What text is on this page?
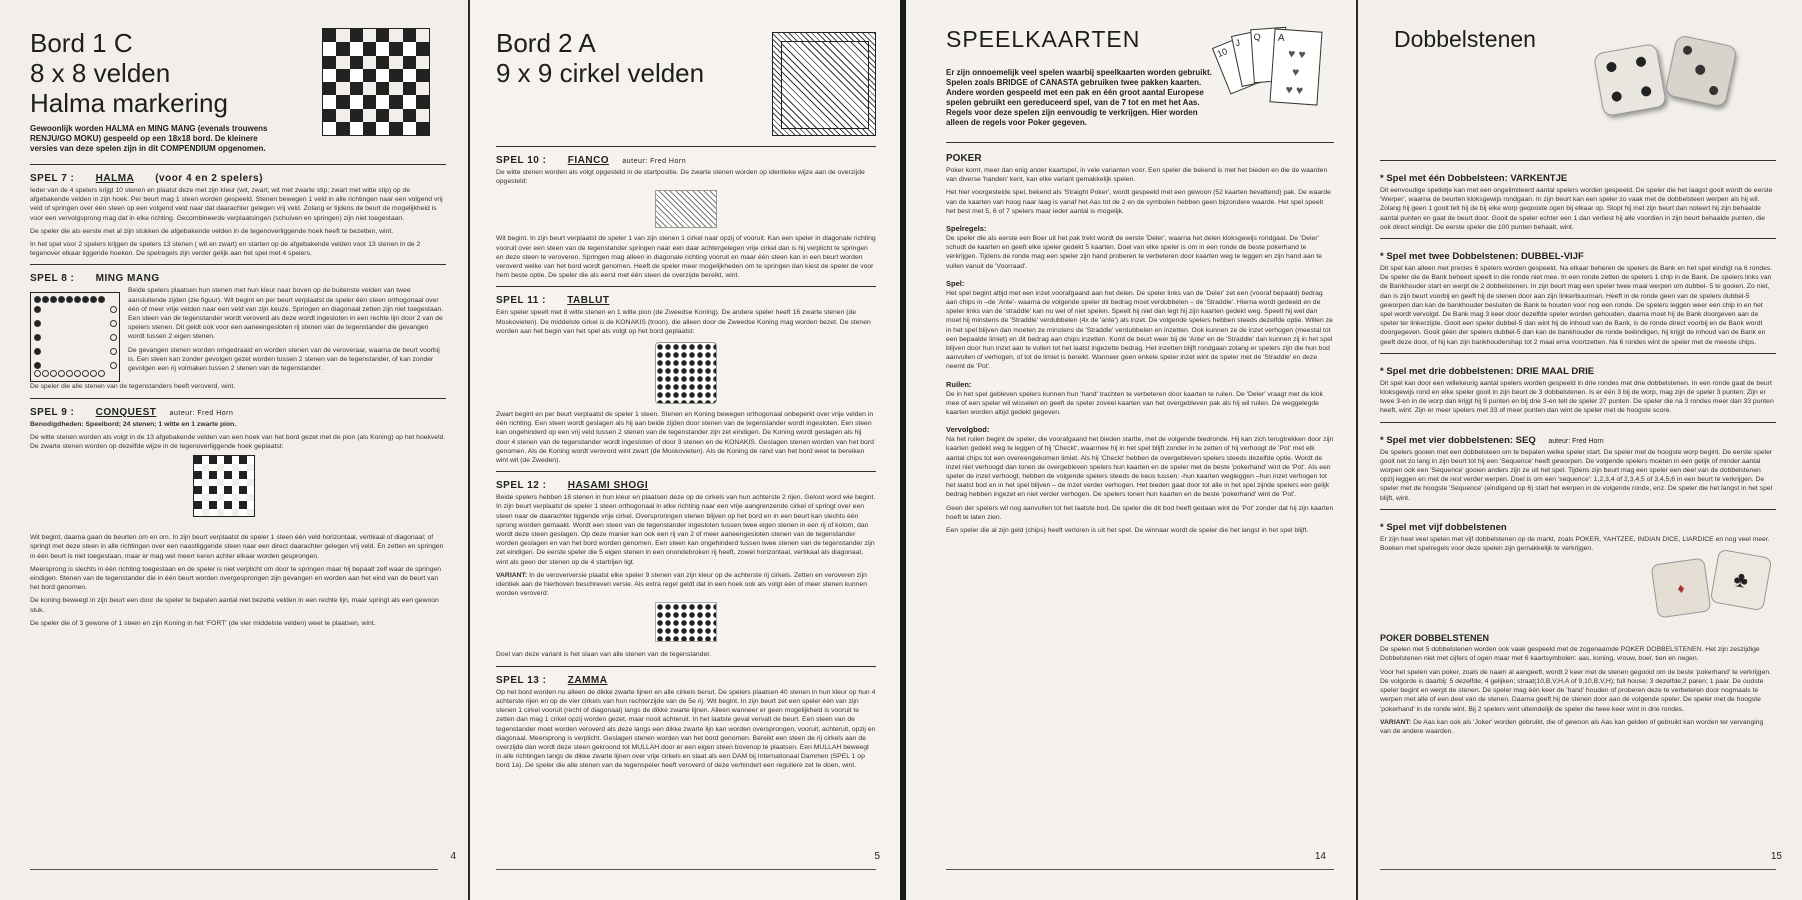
Bord 1 C
8 x 8 velden
Halma markering
Gewoonlijk worden HALMA en MING MANG (evenals trouwens RENJU/GO MOKU) gespeeld op een 18x18 bord. De kleinere versies van deze spelen zijn in dit COMPENDIUM opgenomen.
SPEL 7 : HALMA (voor 4 en 2 spelers)

Ieder van de 4 spelers krijgt 10 stenen en plaatst deze met zijn kleur (wit, zwart; wit met zwarte stip; zwart met witte stip) op de afgebakende velden in zijn hoek. Per beurt mag 1 steen worden gespeeld. Stenen bewegen 1 veld in alle richtingen naar een volgend vrij veld of springen over één steen op een volgend veld naar dat daarachter gelegen vrij veld. Zolang er tijdens de beurt de mogelijkheid is voor een vervolgsprong mag dat in elke richting. Gecombineerde verplaatsingen (schuiven en springen) zijn niet toegestaan.

De speler die als eerste met al zijn stukken de afgebakende velden in de tegenoverliggende hoek heeft te bezetten, wint.

In het spel voor 2 spelers krijgen de spelers 13 stenen ( wit en zwart) en starten op de afgebakende velden voor 13 stenen in de 2 tegenover elkaar liggende hoeken. De spelregels zijn verder gelijk aan het spel met 4 spelers.

SPEL 8 : MING MANG

Beide spelers plaatsen hun stenen met hun kleur naar boven op de buitenste velden van twee aansluitende zijden (zie figuur). Wit begint en per beurt verplaatst de speler één steen orthogonaal over één of meer vrije velden naar een veld van zijn keuze. Springen en diagonaal zetten zijn niet toegestaan. Een steen van de tegenstander wordt veroverd als deze wordt ingesloten in een rechte lijn door 2 van de spelers stenen. Dit geldt ook voor een aaneengesloten rij stenen van de tegenstander die gevangen wordt tussen 2 eigen stenen.

De gevangen stenen worden omgedraaid en worden stenen van de veroveraar, waarna de beurt voorbij is. Een steen kan zonder gevolgen gezet worden tussen 2 stenen van de tegenstander, of kan zonder gevolgen een rij volmaken tussen 2 stenen van de tegenstander.

De speler die alle stenen van de tegenstanders heeft veroverd, wint.
SPEL 9 : CONQUEST auteur: Fred Horn

Benodigdheden: Speelbord; 24 stenen; 1 witte en 1 zwarte pion.

De witte stenen worden als volgt in de 13 afgebakende velden van een hoek van het bord gezet met de pion (als Koning) op het hoekveld. De zwarte stenen worden op dezelfde wijze in de tegenoverliggende hoek geplaatst:

Wit begint, daarna gaan de beurten om en om. In zijn beurt verplaatst de speler 1 steen één veld horizontaal, vertikaal of diagonaal; of springt met deze steen in alle richtingen over een naastliggende steen naar een direct daarachter gelegen vrij veld. En zetten en springen in één beurt is niet toegestaan, maar er mag wel meerr keren achter elkaar worden gesprongen.

Meersprong is slechts in één richting toegestaan en de speler is niet verplicht om door te springen maar hij bepaalt zelf waar de springen eindigen. Stenen van de tegenstander die in één beurt worden overgesprongen zijn gevangen en worden aan het eind van de beurt van het bord genomen.

De koning beweegt in zijn beurt een door de speler te bepalen aantal niet bezette velden in een rechte lijn, maar springt als een gewoon stuk.

De speler die of 3 gewone of 1 steen en zijn Koning in het 'FORT' (de vier middelste velden) weet te plaatsen, wint.

4
Bord 2 A
9 x 9 cirkel velden
SPEL 10 : FIANCO auteur: Fred Horn
De witte stenen worden als volgt opgesteld in de startpositie. De zwarte stenen worden op identieke wijze aan de overzijde opgesteld:
Wit begint. In zijn beurt verplaatst de speler 1 van zijn stenen 1 cirkel naar opzij of vooruit. Kan een speler in diagonale richting vooruit over een steen van de tegenstander springen naar een daar achtergelegen vrije cirkel dan is hij verplicht te springen en deze steen te veroveren. Springen mag alleen in diagonale richting vooruit en maar één steen kan in een beurt worden veroverd welke van het bord wordt genomen. Heeft de speler meer mogelijkheden om te springen dan kiest de speler de voor hem beste optie. De speler die als eerst met één steen de overzijde bereikt, wint.
SPEL 11 : TABLUT
Eén speler speelt met 8 witte stenen en 1 witte pion (de Zweedse Koning). De andere speler heeft 16 zwarte stenen (de Moskovieten). De middelste cirkel is de KONAKIS (troon), die alleen door de Zweedse Koning mag worden bezet. De stenen worden aan het begin van het spel als volgt op het bord geplaatst:
Zwart begint en per beurt verplaatst de speler 1 steen. Stenen en Koning bewegen orthogonaal onbeperkt over vrije velden in één richting. Een steen wordt geslagen als hij aan beide zijden door stenen van de tegenstander wordt ingesloten. Een steen kan ongehinderd op een vrij veld tussen 2 stenen van de tegenstander zijn zet eindigen. De Koning wordt geslagen als hij door 4 stenen van de tegenstander wordt ingesloten of door 3 stenen en de KONAKIS. Geslagen stenen worden van het bord genomen. Als de Koning wordt verovord wint zwart (de Moskovieten). Als de Koning de rand van het bord weet te bereiken wint wit (de Zweden).
SPEL 12 : HASAMI SHOGI

Beide spelers hebben 18 stenen in hun kleur en plaatsen deze op de cirkels van hun achterste 2 rijen. Geloot word wie begint. In zijn beurt verplaatst de speler 1 steen orthogonaal in elke richting naar een vrije aangrenzende cirkel of springt over een steen naar de daarachter liggende vrije cirkel. Overspronngen stenen blijven op het bord en in een beurt kan slechts één sprong worden gemaakt. Wordt een steen van de tegenstander ingesloten tussen twee eigen stenen in een rij of kolom, dan wordt deze steen geslagen. Op deze manier kan ook een rij van 2 of meer aaneengesloten stenen van de tegenstander worden geslagen en van het bord worden genomen. Een steen kan ongehinderd tussen twee stenen van de tegenstander zijn zet eindigen. De eerste speler die 5 eigen stenen in een onondebroken rij heeft, zowel horizontaal, vertikaal als diagonaal, wint als geen der stenen op de 4 startrijen ligt.

VARIANT: In de veroverversie plaatst elke speler 9 stenen van zijn kleur op de achterste rij cirkels. Zetten en veroveren zijn identiek aan de hierboven beschreven versie. Als extra regel geldt dat in een hoek ook als volgt één of meer stenen kunnen worden veroverd:

Doel van deze variant is het slaan van alle stenen van de tegenstander.
SPEL 13 : ZAMMA
Op het bord worden nu alleen de dikke zwarte lijnen en alle cirkels benut. De spelers plaatsen 40 stenen in hun kleur op hun 4 achterste rijen en op de vier cirkels van hun rechterzijde van de 5e rij. Wit begint. In zijn beurt zet een speler één van zijn stenen 1 cirkel vooruit (recht of diagonaal) langs de dikke zwarte lijnen. Alleen wanneer er geen mogelijkheid is vooruit te zetten dan mag 1 cirkel opzij worden gezet, maar nooit achteruit. In het laatste geval vervalt de beurt. Een steen van de tegenstander moet worden veroverd als deze langs een dikke zwarte lijn kan worden oversprongen, vooruit, achteruit, opzij en diagonaal. Meersprong is verplicht. Geslagen stenen worden van het bord genomen. Bereikt een steen de rij cirkels aan de overzijde dan wordt deze steen gekroond tot MULLAH door er een eigen steen bovenop te plaatsen. Een MULLAH beweegt in alle richtingen langs de dikke zwarte lijnen over vrije cirkels en slaat als een DAM bij Internationaal Dammen (SPEL 1 op bord 1a). De speler die alle stenen van de tegenspeler heeft veroverd of deze verhindert een reguliere zet te doen, wint.
5
SPEELKAARTEN
Er zijn onnoemelijk veel spelen waarbij speelkaarten worden gebruikt. Spelen zoals BRIDGE of CANASTA gebruiken twee pakken kaarten. Andere worden gespeeld met een pak en één groot aantal Europese spelen gebruikt een gereduceerd spel, van de 7 tot en met het Aas. Regels voor deze spelen zijn eenvoudig te verkrijgen. Hier worden alleen de regels voor Poker gegeven.
10
J
Q	A
♥ ♥
♥
♥ ♥
POKER

Poker komt, meer dan enig ander kaartspel, in vele varianten voor. Een speler die bekend is met het bieden en die de waarden van diverse 'handen' kent, kan elke variant gemakkelijk spelen.

Het hier voorgestelde spel, bekend als 'Straight Poker', wordt gespeeld met een gewoon (52 kaarten bevattend) pak. De waarde van de kaarten van hoog naar laag is vanaf het Aas tot de 2 en de symbolen hebben geen bijzondere waarde. Het spel speelt het best met 5, 6 of 7 spelers maar ieder aantal is mogelijk.

Spelregels:
De speler die als eerste een Boer uit het pak trekt wordt de eerste 'Deler', waarna het delen kloksgewijs rondgaat. De 'Deler' schudt de kaarten en geeft elke speler gedekt 5 kaarten. Doel van elke speler is om in een ronde de beste pokerhand te verkrijgen. Tijdens de ronde mag een speler zijn hand proberen te verbeteren door kaarten weg te leggen en zijn hand aan te vullen vanuit de 'Voorraad'.
Spel:
Het spel begint altijd met een inzet voorafgaand aan het delen. De speler links van de 'Deler' zet een (vooraf bepaald) bedrag aan chips in –de 'Ante'- waarna de volgende speler dit bedrag moet verdubbelen – de 'Straddle'. Hierna wordt gedeeld en de speler links van de 'straddle' kan nu wel of niet spelen. Speelt hij niet dan legt hij zijn kaarten gedekt weg. Speelt hij wel dan moet hij minstens de 'Straddle' verdubbelen (4x de 'ante') als inzet. De volgende spelers hebben steeds dezelfde optie. Willen ze in het spel blijven dan moeten ze minstens de 'Straddle' verdubbelen en inzetten. Ook kunnen ze de inzet verhogen (meestal tot een bepaalde limiet) en dit bedrag aan chips inzetten. Komt de beurt weer bij de 'Ante' en de 'Straddle' dan kunnen zij in het spel blijven door hun inzet aan te vullen tot het laatst ingezette bedrag. Het inzetten blijft rondgaan zolang er spelers zijn die hun bod aanvullen of verhogen, of tot de limiet is bereikt. Wanneer geen enkele speler inzet wint de speler met de 'Straddle' en deze neemt de 'Pot'.
Ruilen:
De in het spel gebleven spelers kunnen hun 'hand' trachten te verbeteren door kaarten te ruilen. De 'Deler' vraagt met de klok mee of een speler wil wisselen en geeft de speler zoveel kaarten van het overgebleven pak als hij wil ruilen. De weggelegde kaarten worden altijd gedekt gegeven.
Vervolgbod:

Na het ruilen begint de speler, die voorafgaand het bieden startte, met de volgende biedronde. Hij kan zich terugtrekken door zijn kaarten gedekt weg te leggen of hij 'Checkt', waarmee hij in het spel blijft zonder in te zetten of hij verhoogt de 'Pot' met elk aantal chips tot een overeengekomen limiet. Als hij 'Checkt' hebben de overgebleven spelers steeds dezelfde optie. Wordt de inzet niet verhoogd dan tonen de overgebleven spelers hun kaarten en de speler met de beste 'pokerhand' wint de 'Pot'. Als een speler de inzet verhoogt, hebben de volgende spelers steeds de keus tussen: -hun kaarten wegleggen –hun inzet verhogen tot het laatst bod en in het spel blijven – de inzet verder verhogen. Het bieden gaat door tot alle in het spel zijnde spelers een gelijk bedrag hebben ingezet en niet verder verhogen. De spelers tonen hun kaarten en de beste 'pokerhand' wint de 'Pot'.

Geen der spelers wil nog aanvullen tot het laatste bod. De speler die dit bod heeft gedaan wint de 'Pot' zonder dat hij zijn kaarten hoeft te laten zien.

Een speler die al zijn geld (chips) heeft verloren is uit het spel. De winnaar wordt de speler die het langst in het spel blijft.

14
Dobbelstenen
* Spel met één Dobbelsteen: VARKENTJE
Dit eenvoudige spelletje kan met een ongelimiteerd aantal spelers worden gespeeld. De speler die het laagst gooit wordt de eerste 'Werper', waarna de beurten kloksgewijs rondgaan. In zijn beurt kan een speler zo vaak met de dobbelsteen werpen als hij wil. Zolang hij geen 1 gooit telt hij de bij elke worp geqooide ogen bij elkaar op. Stopt hij met zijn beurt dan noteert hij zijn behaalde aantal punten en gaat de beurt door. Gooit de speler echter een 1 dan verliest hij alle voordien in zijn beurt behaalde punten, die ook direct eindigt. De eerste speler die 100 punten behaalt, wint.
* Spel met twee Dobbelstenen: DUBBEL-VIJF
Dit spel kan alleen met precies 6 spelers worden gespeeld. Na elkaar beheren de spelers de Bank en het spel eindigt na 6 rondes. De speler die de Bank beheert speelt in die ronde niet mee. In een ronde zetten de spelers 1 chip in de Bank. De spelers links van de Bankhouder start en werpt de 2 dobbelstenen. In zijn beurt mag een speler twee maal werpen om dubbel- 5 te gooien. Zo niet, dan is zijn beurt voorbij en geeft hij de stenen door aan zijn linkerbuurman. Heeft in de ronde geen van de spelers dubbel-5 geworpen dan kan de bankhouder besluiten de Bank te houden voor nog een ronde. De spelers leggen weer een chip in en het spel wordt vervolgd. De Bank mag 3 keer door dezelfde speler worden gehouden, daarna moet hij de Bank doorgeven aan de speler ter linkerzijde. Gooit een speler dubbel-5 dan wint hij de inhoud van de Bank, is de ronde direct voorbij en de Bank wordt doorgegeven. Gooit géén der spelers dubbel-5 dan kan de bankhouder de ronde beëindigen, hij krijgt de inhoud van de Bank en geeft deze door, of hij kan zijn bankhoudershap tot 2 maal erna voortzetten. Na 6 rondes wint de speler met de meeste chips.
* Spel met drie dobbelstenen: DRIE MAAL DRIE
Dit spel kan door een willekeurig aantal spelers worden gespeeld in drie rondes met drie dobbelstenen. In een ronde gaat de beurt kloksgewijs rond en elke speler gooit in zijn beurt de 3 dobbelstenen. Is er één 3 bij de worp, mag zijn de speler 3 punten; Zijn er twee 3-en in de worp dan krijgt hij 9 punten en bij drie 3-en telt de speler 27 punten. De speler die na 3 rondes meer dan 33 punten heeft, wint. Zijn er meer spelers met 33 of meer punten dan wint de speler met de hoogste score.
* Spel met vier dobbelstenen: SEQ auteur: Fred Horn
De spelers gooien met een dobbelsteen om te bepalen welke speler start. De speler met de hoogste worp begint. De eerste speler gooit net zo lang in zijn beurt tot hij een 'Sequence' heeft geworpen. De volgende spelers moeten in een gelijk of minder aantal worpen ook een 'Sequence' gooien anders zijn ze uit het spel. Tijdens zijn beurt mag een speler een deel van de dobbelstenen opzij leggen en met de rest verder werpen. Doel is om een 'sequence': 1,2,3,4 of 2,3,4,5 of 3,4,5,6 in een beurt te verkrijgen. De speler met de hoogste 'Sequence' (eindigend op 6) start het werpen in de volgende ronde, enz. De speler die het langst in het spel blijft, wint.
* Spel met vijf dobbelstenen
Er zijn heel veel spelen met vijf dobbelstenen op de markt, zoals POKER, YAHTZEE, INDIAN DICE, LIARDICE en nog veel meer. Boeken met spelregels voor deze spelen zijn gemakkelijk te verkrijgen.
♦	♣
POKER DOBBELSTENEN

De spelen met 5 dobbelstenen worden ook vaak gespeeld met de zogenaamde POKER DOBBELSTENEN. Het zijn zeszijdige Dobbelstenen niet met cijfers of ogen maar met 6 kaartsymbolen: aas, koning, vrouw, boer, tien en negen.

Voor het spelen van poker, zoals de naam al aangeeft, wordt 2 keer met de stenen gegooid om de beste 'pokerhand' te verkrijgen. De volgorde is daarbij: 5 dezelfde; 4 gelijken; straat(10,B,V,H,A of 9,10,B,V,H); full house; 3 dezelfde;2 paren; 1 paar. De oudste speler begint en werpt de stenen. De speler mag één keer de 'hand' houden of proberen deze te verbeteren door nogmaals te werpen met alle of een deel van de stenen. Daarna geeft hij de stenen door aan de volgende speler. De speler met de hoogste 'pokerhand' in de ronde wint. Bij 2 spelers wint uiteindelijk de speler die twee keer wint in drie rondes.

VARIANT: De Aas kan ook als 'Joker' worden gebruikt, die of gewoon als Aas kan gelden of gebruikt kan worden ter vervanging van de andere waarden.

15
